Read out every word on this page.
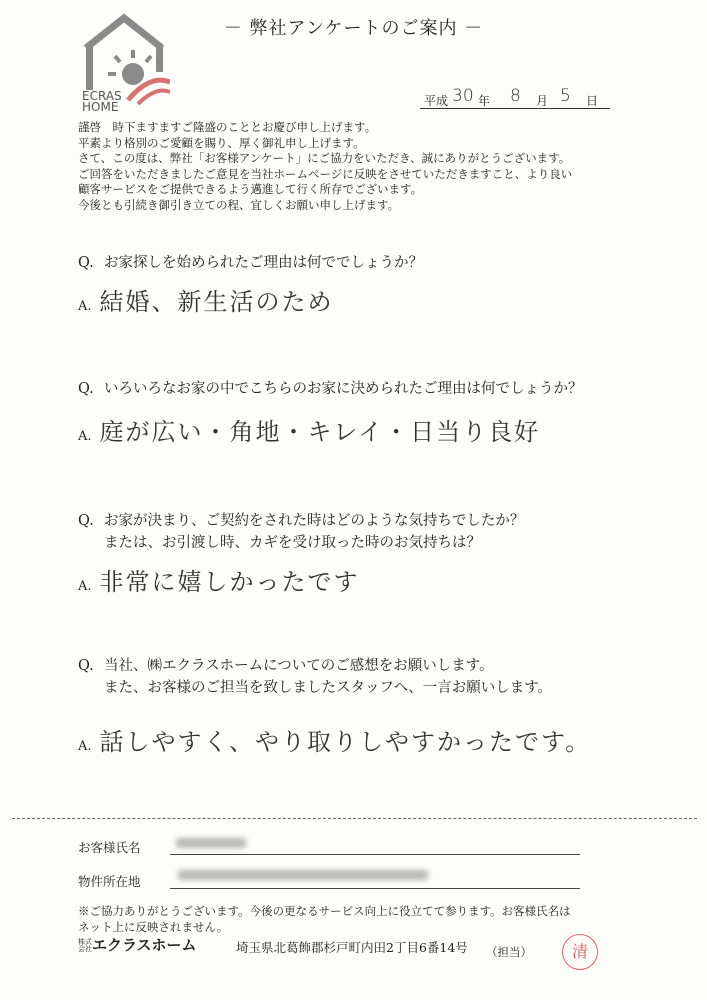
－ 弊社アンケートのご案内 －
ECRAS
HOME	平成 30 年 8 月 5 日
謹啓　時下ますますご隆盛のこととお慶び申し上げます。
平素より格別のご愛顧を賜り、厚く御礼申し上げます。
さて、この度は、弊社「お客様アンケート」にご協力をいただき、誠にありがとうございます。
ご回答をいただきましたご意見を当社ホームページに反映をさせていただきますこと、より良い
顧客サービスをご提供できるよう邁進して行く所存でございます。
今後とも引続き御引き立ての程、宜しくお願い申し上げます。
Q. お家探しを始められたご理由は何ででしょうか？
A. 結婚、新生活のため
Q. いろいろなお家の中でこちらのお家に決められたご理由は何でしょうか？
A. 庭が広い・角地・キレイ・日当り良好
Q. お家が決まり、ご契約をされた時はどのような気持ちでしたか？
または、お引渡し時、カギを受け取った時のお気持ちは？
A. 非常に嬉しかったです
Q. 当社、㈱エクラスホームについてのご感想をお願いします。
また、お客様のご担当を致しましたスタッフへ、一言お願いします。
A. 話しやすく、やり取りしやすかったです。
お客様氏名
物件所在地
※ご協力ありがとうございます。今後の更なるサービス向上に役立てて参ります。お客様氏名は
ネット上に反映されません。
株式会社エクラスホーム	埼玉県北葛飾郡杉戸町内田2丁目6番14号 （担当）	清
